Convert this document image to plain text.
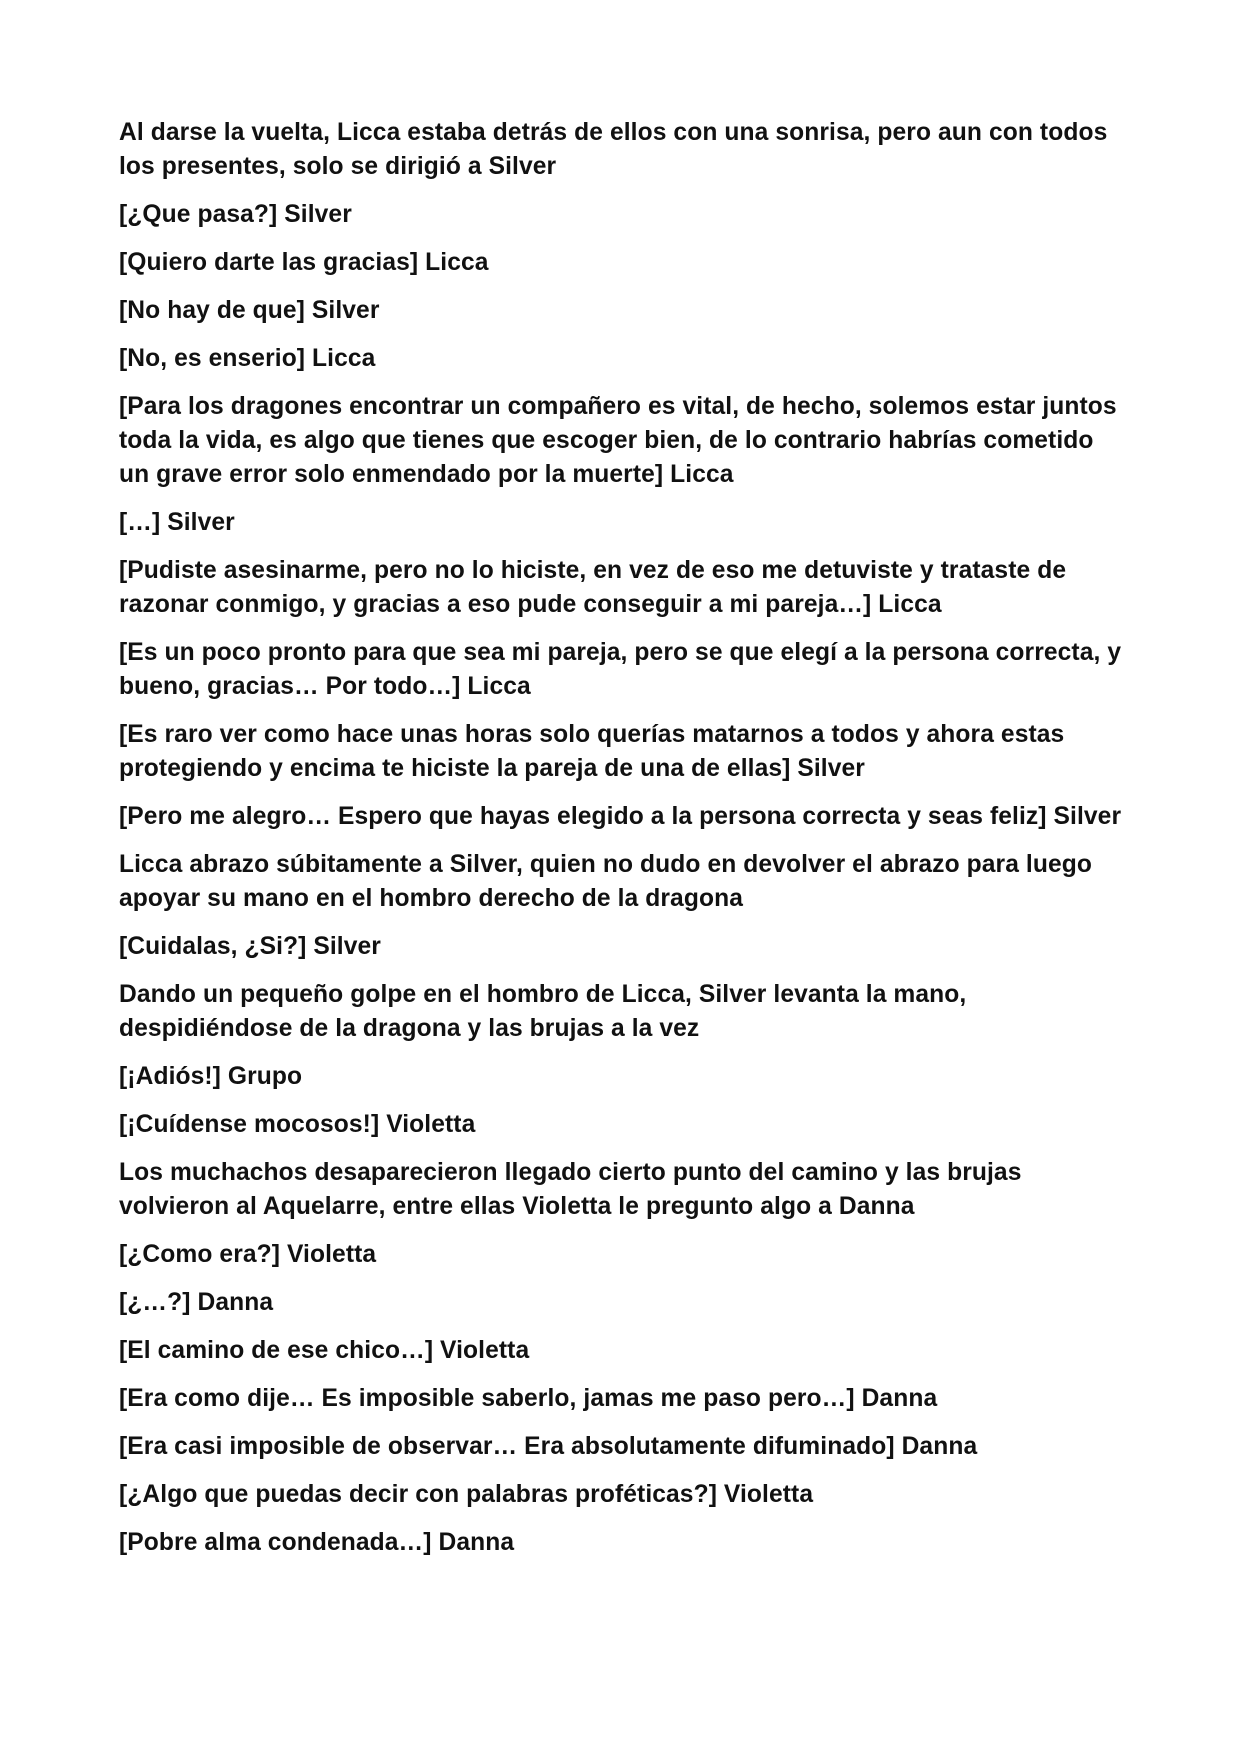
Al darse la vuelta, Licca estaba detrás de ellos con una sonrisa, pero aun con todos los presentes, solo se dirigió a Silver

[¿Que pasa?] Silver

[Quiero darte las gracias] Licca

[No hay de que] Silver

[No, es enserio] Licca

[Para los dragones encontrar un compañero es vital, de hecho, solemos estar juntos toda la vida, es algo que tienes que escoger bien, de lo contrario habrías cometido un grave error solo enmendado por la muerte] Licca

[…] Silver

[Pudiste asesinarme, pero no lo hiciste, en vez de eso me detuviste y trataste de razonar conmigo, y gracias a eso pude conseguir a mi pareja…] Licca

[Es un poco pronto para que sea mi pareja, pero se que elegí a la persona correcta, y bueno, gracias… Por todo…] Licca

[Es raro ver como hace unas horas solo querías matarnos a todos y ahora estas protegiendo y encima te hiciste la pareja de una de ellas] Silver

[Pero me alegro… Espero que hayas elegido a la persona correcta y seas feliz] Silver

Licca abrazo súbitamente a Silver, quien no dudo en devolver el abrazo para luego apoyar su mano en el hombro derecho de la dragona

[Cuidalas, ¿Si?] Silver

Dando un pequeño golpe en el hombro de Licca, Silver levanta la mano, despidiéndose de la dragona y las brujas a la vez

[¡Adiós!] Grupo

[¡Cuídense mocosos!] Violetta

Los muchachos desaparecieron llegado cierto punto del camino y las brujas volvieron al Aquelarre, entre ellas Violetta le pregunto algo a Danna

[¿Como era?] Violetta

[¿…?] Danna

[El camino de ese chico…] Violetta

[Era como dije… Es imposible saberlo, jamas me paso pero…] Danna

[Era casi imposible de observar… Era absolutamente difuminado] Danna

[¿Algo que puedas decir con palabras proféticas?] Violetta

[Pobre alma condenada…] Danna
